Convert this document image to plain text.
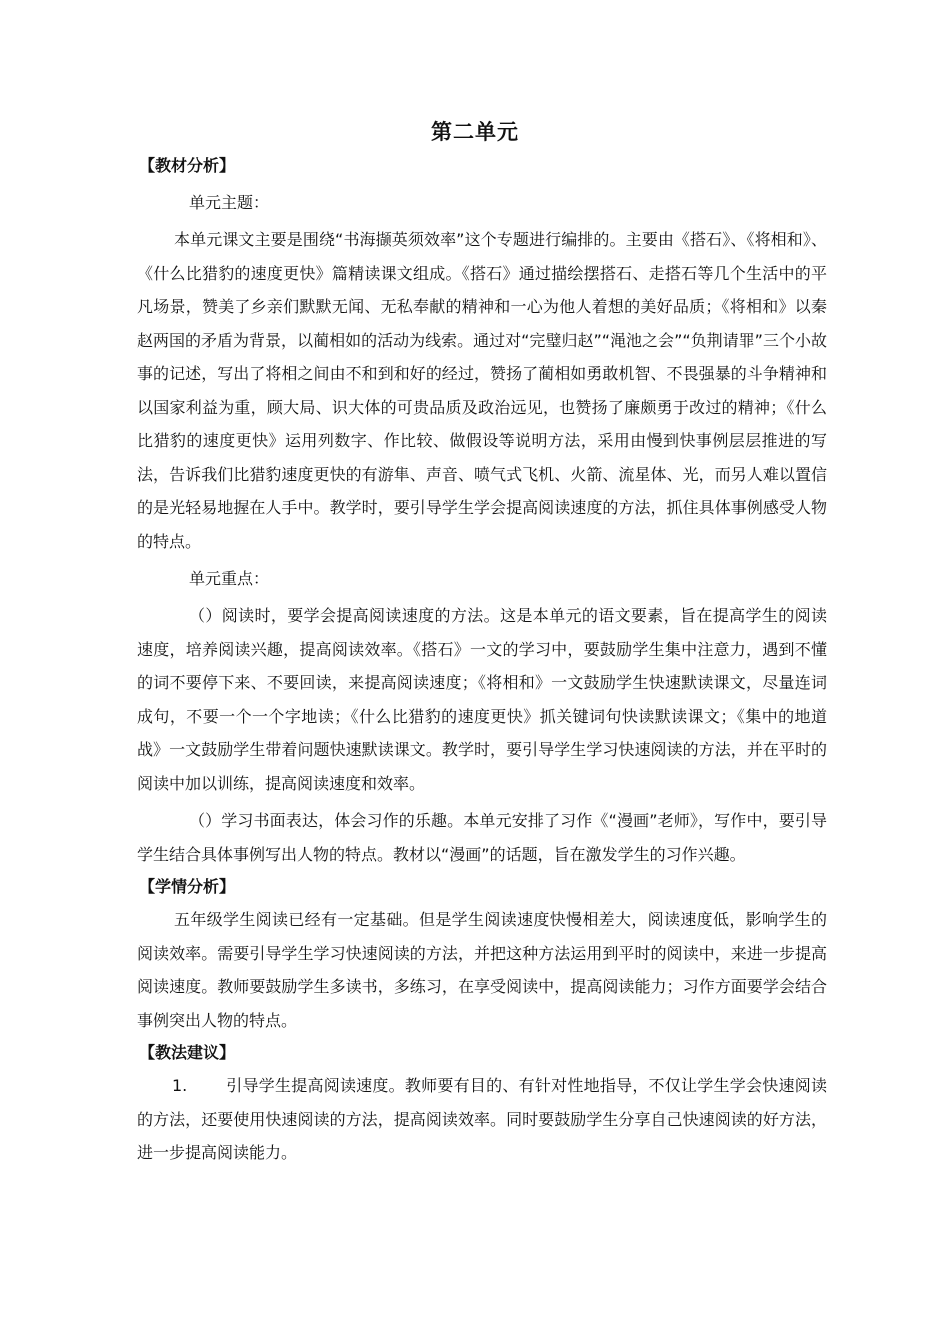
第二单元
【教材分析】
单元主题：

本单元课文主要是围绕“书海撷英须效率”这个专题进行编排的。主要由《搭石》、《将相和》、《什么比猎豹的速度更快》篇精读课文组成。《搭石》通过描绘摆搭石、走搭石等几个生活中的平凡场景，赞美了乡亲们默默无闻、无私奉献的精神和一心为他人着想的美好品质；《将相和》以秦赵两国的矛盾为背景，以蔺相如的活动为线索。通过对“完璧归赵”“渑池之会”“负荆请罪”三个小故事的记述，写出了将相之间由不和到和好的经过，赞扬了蔺相如勇敢机智、不畏强暴的斗争精神和以国家利益为重，顾大局、识大体的可贵品质及政治远见，也赞扬了廉颇勇于改过的精神；《什么比猎豹的速度更快》运用列数字、作比较、做假设等说明方法，采用由慢到快事例层层推进的写法，告诉我们比猎豹速度更快的有游隼、声音、喷气式飞机、火箭、流星体、光，而另人难以置信的是光轻易地握在人手中。教学时，要引导学生学会提高阅读速度的方法，抓住具体事例感受人物的特点。

单元重点：

（）阅读时，要学会提高阅读速度的方法。这是本单元的语文要素，旨在提高学生的阅读速度，培养阅读兴趣，提高阅读效率。《搭石》一文的学习中，要鼓励学生集中注意力，遇到不懂的词不要停下来、不要回读，来提高阅读速度；《将相和》一文鼓励学生快速默读课文，尽量连词成句，不要一个一个字地读；《什么比猎豹的速度更快》抓关键词句快读默读课文；《集中的地道战》一文鼓励学生带着问题快速默读课文。教学时，要引导学生学习快速阅读的方法，并在平时的阅读中加以训练，提高阅读速度和效率。

（）学习书面表达，体会习作的乐趣。本单元安排了习作《“漫画”老师》，写作中，要引导学生结合具体事例写出人物的特点。教材以“漫画”的话题，旨在激发学生的习作兴趣。

【学情分析】

五年级学生阅读已经有一定基础。但是学生阅读速度快慢相差大，阅读速度低，影响学生的阅读效率。需要引导学生学习快速阅读的方法，并把这种方法运用到平时的阅读中，来进一步提高阅读速度。教师要鼓励学生多读书，多练习，在享受阅读中，提高阅读能力；习作方面要学会结合事例突出人物的特点。

【教法建议】

1. 引导学生提高阅读速度。教师要有目的、有针对性地指导，不仅让学生学会快速阅读的方法，还要使用快速阅读的方法，提高阅读效率。同时要鼓励学生分享自己快速阅读的好方法，进一步提高阅读能力。
